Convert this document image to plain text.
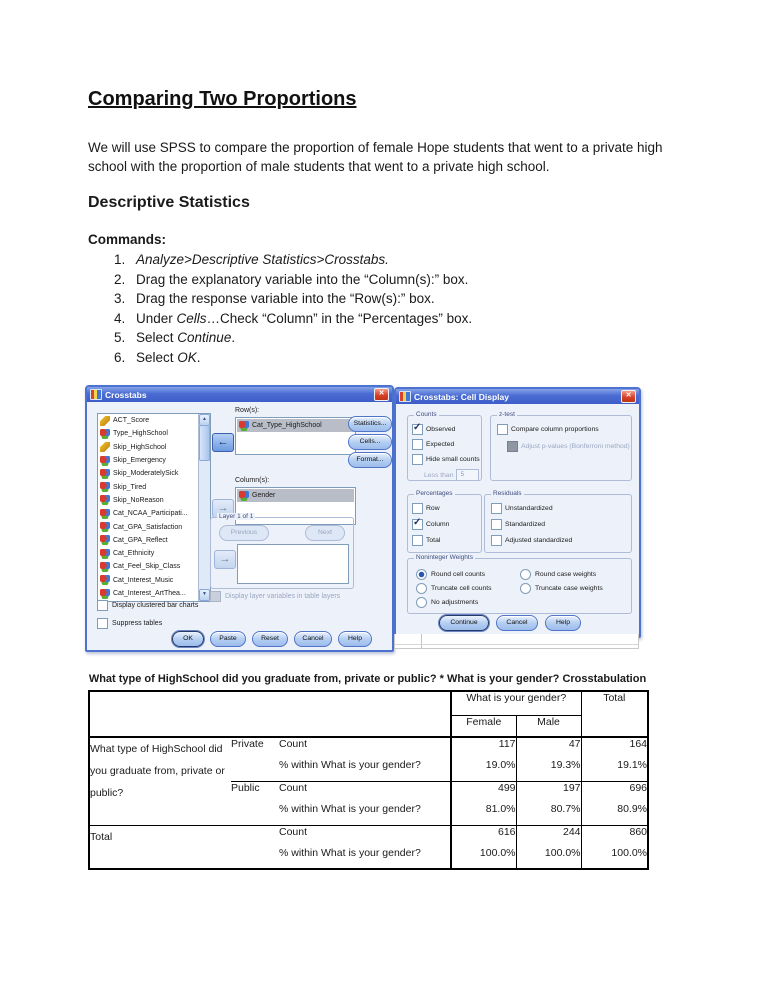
Comparing Two Proportions
We will use SPSS to compare the proportion of female Hope students that went to a private high school with the proportion of male students that went to a private high school.
Descriptive Statistics
Commands:
1. Analyze>Descriptive Statistics>Crosstabs.
2. Drag the explanatory variable into the “Column(s):” box.
3. Drag the response variable into the “Row(s):” box.
4. Under Cells…Check “Column” in the “Percentages” box.
5. Select Continue.
6. Select OK.
Crosstabs
✕
ACT_Score
Type_HighSchool
Skip_HighSchool
Skip_Emergency
Skip_ModeratelySick
Skip_Tired
Skip_NoReason
Cat_NCAA_Participati...
Cat_GPA_Satisfaction
Cat_GPA_Reflect
Cat_Ethnicity
Cat_Feel_Skip_Class
Cat_Interest_Music
Cat_Interest_ArtThea...
▲
▼
←
→
Row(s):
Cat_Type_HighSchool
Column(s):
Gender
Statistics...
Cells...
Format...
Layer 1 of 1
Previous	Next
→
Display layer variables in table layers
Display clustered bar charts
Suppress tables
OK	Paste	Reset	Cancel	Help
Crosstabs: Cell Display
✕
Counts
✓
Observed
Expected
Hide small counts
Less than	5
z-test
Compare column proportions
Adjust p-values (Bonferroni method)
Percentages
Row
✓
Column
Total
Residuals
Unstandardized
Standardized
Adjusted standardized
Noninteger Weights
Round cell counts	Round case weights
Truncate cell counts	Truncate case weights
No adjustments
Continue	Cancel	Help
What type of HighSchool did you graduate from, private or public? * What is your gender? Crosstabulation
			What is your gender?		Total
			Female	Male	
What type of HighSchool did you graduate from, private or public?	Private	Count	117	47	164
		% within What is your gender?	19.0%	19.3%	19.1%
	Public	Count	499	197	696
		% within What is your gender?	81.0%	80.7%	80.9%
Total		Count	616	244	860
		% within What is your gender?	100.0%	100.0%	100.0%
